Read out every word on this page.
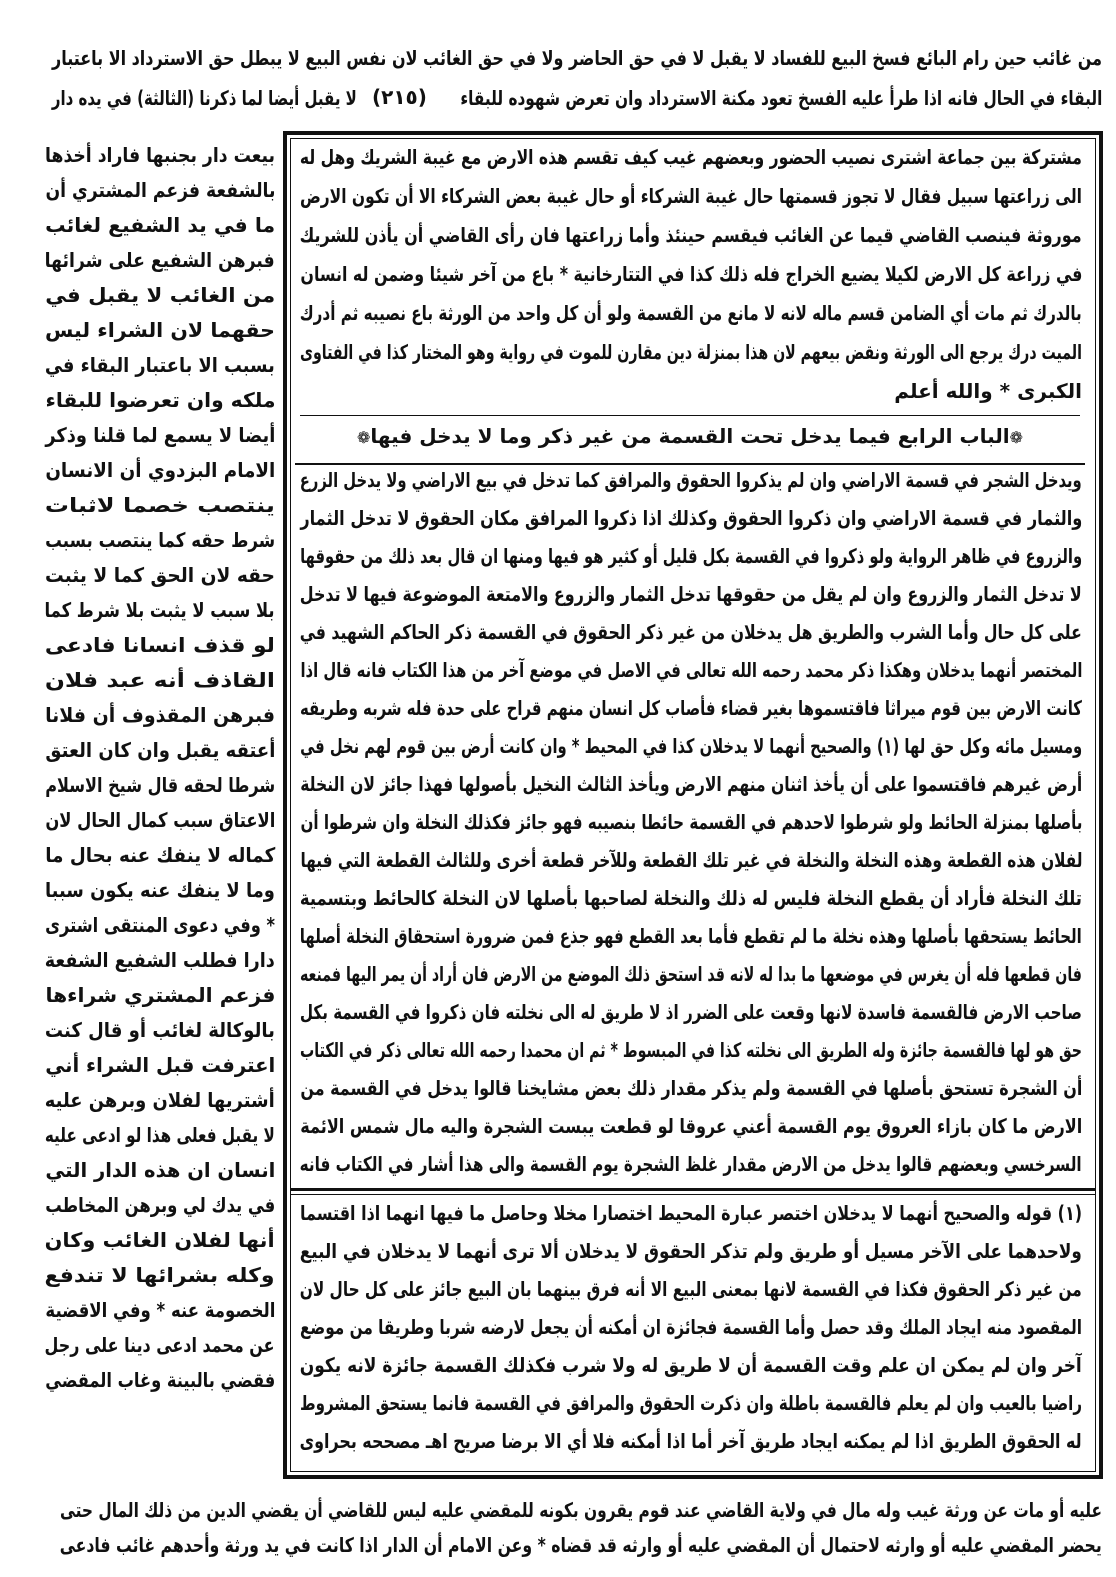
من غائب حين رام البائع فسخ البيع للفساد لا يقبل لا في حق الحاضر ولا في حق الغائب لان نفس البيع لا يبطل حق الاسترداد الا باعتبار
البقاء في الحال فانه اذا طرأ عليه الفسخ تعود مكنة الاسترداد وان تعرض شهوده للبقاء
(٢١٥)
لا يقبل أيضا لما ذكرنا (الثالثة) في يده دار
❁الباب الرابع فيما يدخل تحت القسمة من غير ذكر وما لا يدخل فيها❁
بيعت دار بجنبها فاراد أخذها
بالشفعة فزعم المشتري أن
ما في يد الشفيع لغائب
فبرهن الشفيع على شرائها
من الغائب لا يقبل في
حقهما لان الشراء ليس
بسبب الا باعتبار البقاء في
ملكه وان تعرضوا للبقاء
أيضا لا يسمع لما قلنا وذكر
الامام البزدوي أن الانسان
ينتصب خصما لاثبات
شرط حقه كما ينتصب بسبب
حقه لان الحق كما لا يثبت
بلا سبب لا يثبت بلا شرط كما
لو قذف انسانا فادعى
القاذف أنه عبد فلان
فبرهن المقذوف أن فلانا
أعتقه يقبل وان كان العتق
شرطا لحقه قال شيخ الاسلام
الاعتاق سبب كمال الحال لان
كماله لا ينفك عنه بحال ما
وما لا ينفك عنه يكون سببا
* وفي دعوى المنتقى اشترى
دارا فطلب الشفيع الشفعة
فزعم المشتري شراءها
بالوكالة لغائب أو قال كنت
اعترفت قبل الشراء أني
أشتريها لفلان وبرهن عليه
لا يقبل فعلى هذا لو ادعى عليه
انسان ان هذه الدار التي
في يدك لي وبرهن المخاطب
أنها لفلان الغائب وكان
وكله بشرائها لا تندفع
الخصومة عنه * وفي الاقضية
عن محمد ادعى دينا على رجل
فقضي بالبينة وغاب المقضي
مشتركة بين جماعة اشترى نصيب الحضور وبعضهم غيب كيف تقسم هذه الارض مع غيبة الشريك وهل له
الى زراعتها سبيل فقال لا تجوز قسمتها حال غيبة الشركاء أو حال غيبة بعض الشركاء الا أن تكون الارض
موروثة فينصب القاضي قيما عن الغائب فيقسم حينئذ وأما زراعتها فان رأى القاضي أن يأذن للشريك
في زراعة كل الارض لكيلا يضيع الخراج فله ذلك كذا في التتارخانية * باع من آخر شيئا وضمن له انسان
بالدرك ثم مات أي الضامن قسم ماله لانه لا مانع من القسمة ولو أن كل واحد من الورثة باع نصيبه ثم أدرك
الميت درك يرجع الى الورثة ونقض بيعهم لان هذا بمنزلة دين مقارن للموت في رواية وهو المختار كذا في الفتاوى
الكبرى * والله أعلم
ويدخل الشجر في قسمة الاراضي وان لم يذكروا الحقوق والمرافق كما تدخل في بيع الاراضي ولا يدخل الزرع
والثمار في قسمة الاراضي وان ذكروا الحقوق وكذلك اذا ذكروا المرافق مكان الحقوق لا تدخل الثمار
والزروع في ظاهر الرواية ولو ذكروا في القسمة بكل قليل أو كثير هو فيها ومنها ان قال بعد ذلك من حقوقها
لا تدخل الثمار والزروع وان لم يقل من حقوقها تدخل الثمار والزروع والامتعة الموضوعة فيها لا تدخل
على كل حال وأما الشرب والطريق هل يدخلان من غير ذكر الحقوق في القسمة ذكر الحاكم الشهيد في
المختصر أنهما يدخلان وهكذا ذكر محمد رحمه الله تعالى في الاصل في موضع آخر من هذا الكتاب فانه قال اذا
كانت الارض بين قوم ميراثا فاقتسموها بغير قضاء فأصاب كل انسان منهم قراح على حدة فله شربه وطريقه
ومسيل مائه وكل حق لها (١) والصحيح أنهما لا يدخلان كذا في المحيط * وان كانت أرض بين قوم لهم نخل في
أرض غيرهم فاقتسموا على أن يأخذ اثنان منهم الارض ويأخذ الثالث النخيل بأصولها فهذا جائز لان النخلة
بأصلها بمنزلة الحائط ولو شرطوا لاحدهم في القسمة حائطا بنصيبه فهو جائز فكذلك النخلة وان شرطوا أن
لفلان هذه القطعة وهذه النخلة والنخلة في غير تلك القطعة وللآخر قطعة أخرى وللثالث القطعة التي فيها
تلك النخلة فأراد أن يقطع النخلة فليس له ذلك والنخلة لصاحبها بأصلها لان النخلة كالحائط وبتسمية
الحائط يستحقها بأصلها وهذه نخلة ما لم تقطع فأما بعد القطع فهو جذع فمن ضرورة استحقاق النخلة أصلها
فان قطعها فله أن يغرس في موضعها ما بدا له لانه قد استحق ذلك الموضع من الارض فان أراد أن يمر اليها فمنعه
صاحب الارض فالقسمة فاسدة لانها وقعت على الضرر اذ لا طريق له الى نخلته فان ذكروا في القسمة بكل
حق هو لها فالقسمة جائزة وله الطريق الى نخلته كذا في المبسوط * ثم ان محمدا رحمه الله تعالى ذكر في الكتاب
أن الشجرة تستحق بأصلها في القسمة ولم يذكر مقدار ذلك بعض مشايخنا قالوا يدخل في القسمة من
الارض ما كان بازاء العروق يوم القسمة أعني عروقا لو قطعت يبست الشجرة واليه مال شمس الائمة
السرخسي وبعضهم قالوا يدخل من الارض مقدار غلظ الشجرة يوم القسمة والى هذا أشار في الكتاب فانه
(١) قوله والصحيح أنهما لا يدخلان اختصر عبارة المحيط اختصارا مخلا وحاصل ما فيها انهما اذا اقتسما
ولاحدهما على الآخر مسيل أو طريق ولم تذكر الحقوق لا يدخلان ألا ترى أنهما لا يدخلان في البيع
من غير ذكر الحقوق فكذا في القسمة لانها بمعنى البيع الا أنه فرق بينهما بان البيع جائز على كل حال لان
المقصود منه ايجاد الملك وقد حصل وأما القسمة فجائزة ان أمكنه أن يجعل لارضه شربا وطريقا من موضع
آخر وان لم يمكن ان علم وقت القسمة أن لا طريق له ولا شرب فكذلك القسمة جائزة لانه يكون
راضيا بالعيب وان لم يعلم فالقسمة باطلة وان ذكرت الحقوق والمرافق في القسمة فانما يستحق المشروط
له الحقوق الطريق اذا لم يمكنه ايجاد طريق آخر أما اذا أمكنه فلا أي الا برضا صريح اهـ مصححه بحراوى
عليه أو مات عن ورثة غيب وله مال في ولاية القاضي عند قوم يقرون بكونه للمقضي عليه ليس للقاضي أن يقضي الدين من ذلك المال حتى
يحضر المقضي عليه أو وارثه لاحتمال أن المقضي عليه أو وارثه قد قضاه * وعن الامام أن الدار اذا كانت في يد ورثة وأحدهم غائب فادعى
